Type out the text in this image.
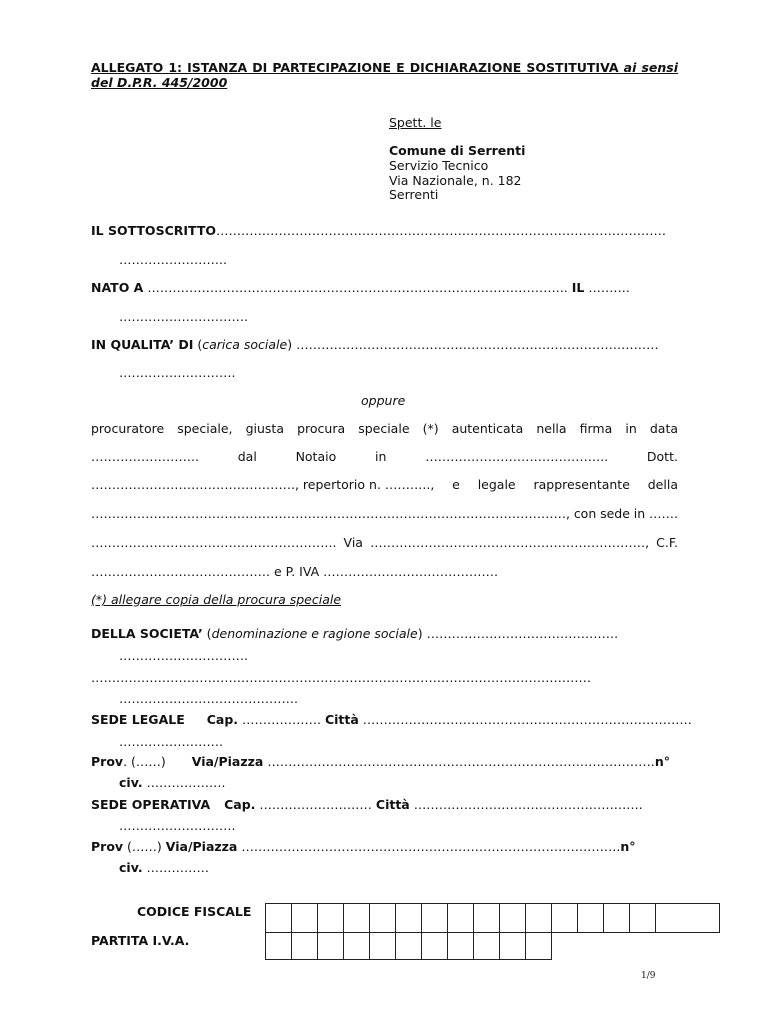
ALLEGATO 1: ISTANZA DI PARTECIPAZIONE E DICHIARAZIONE SOSTITUTIVA ai sensi del D.P.R. 445/2000
Spett. le
Comune di Serrenti
Servizio Tecnico
Via Nazionale, n. 182
Serrenti
IL SOTTOSCRITTO………………………………………………………………………………………………
……………………..
NATO A ……………………………………………………………………………………….. IL ……….
………………………….
IN QUALITA’ DI (carica sociale) ……………………………………………………………………………
……………………….
oppure
procuratore speciale, giusta procura speciale (*) autenticata nella firma in data
……………………..	dal	Notaio	in	……………………………………..	Dott.
…………………………………………., repertorio n. ……….., e legale rappresentante della
……………………………………………………………………………………………………, con sede in …….
………………………………………………….. Via …………………………………………………………, C.F.
……………………………………. e P. IVA ……………………………………
(*) allegare copia della procura speciale
DELLA SOCIETA’ (denominazione e ragione sociale) ……………………………………….
………………………….
…………………………………………………………………………………………………………
…………………………………….
SEDE LEGALE Cap. ………………. Città …………………………………………………………………….
…………………….
Prov. (……) Via/Piazza …………………………………………………………………………………n°
civ. ……………….
SEDE OPERATIVA Cap. ……………………… Città ……………………………………………….
……………………….
Prov (……) Via/Piazza ……………………………………………………………………………….n°
civ. ……………
CODICE FISCALE
PARTITA I.V.A.

1/9
